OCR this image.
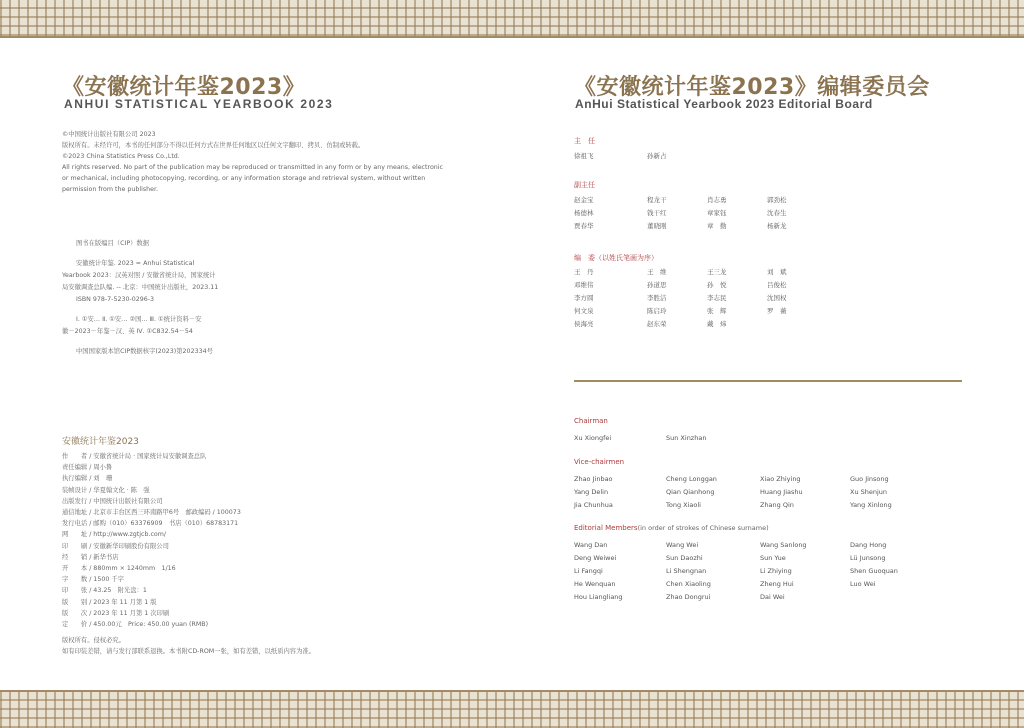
《安徽统计年鉴2023》
ANHUI STATISTICAL YEARBOOK 2023
©中国统计出版社有限公司 2023
版权所有。未经许可，本书的任何部分不得以任何方式在世界任何地区以任何文字翻印、拷贝、仿制或转载。
©2023 China Statistics Press Co.,Ltd.
All rights reserved. No part of the publication may be reproduced or transmitted in any form or by any means, electronic
or mechanical, including photocopying, recording, or any information storage and retrieval system, without written
permission from the publisher.

图书在版编目（CIP）数据

安徽统计年鉴. 2023 = Anhui Statistical

Yearbook 2023：汉英对照 / 安徽省统计局，国家统计

局安徽调查总队编. -- 北京：中国统计出版社，2023.11

ISBN 978-7-5230-0296-3

Ⅰ. ①安… Ⅱ. ①安… ②国… Ⅲ. ①统计资料－安

徽－2023－年鉴－汉、英 Ⅳ. ①C832.54－54

中国国家版本馆CIP数据核字(2023)第202334号

安徽统计年鉴2023
作　　者 / 安徽省统计局 · 国家统计局安徽调查总队
责任编辑 / 周小鲁
执行编辑 / 刘　珊
装帧设计 / 华夏翰文化 · 陈　强
出版发行 / 中国统计出版社有限公司
通信地址 / 北京市丰台区西三环南路甲6号　邮政编码 / 100073
发行电话 / 邮购（010）63376909　书店（010）68783171
网　　址 / http://www.zgtjcb.com/
印　　刷 / 安徽新华印刷股份有限公司
经　　销 / 新华书店
开　　本 / 880mm × 1240mm　1/16
字　　数 / 1500 千字
印　　张 / 43.25　附光盘：1
版　　别 / 2023 年 11 月第 1 版
版　　次 / 2023 年 11 月第 1 次印刷
定　　价 / 450.00元　Price: 450.00 yuan (RMB)
版权所有。侵权必究。
如有印装差错，请与发行部联系退换。本书附CD-ROM一张，如有差错，以纸质内容为准。
《安徽统计年鉴2023》编辑委员会
AnHui Statistical Yearbook 2023 Editorial Board
主　任
徐祖飞	孙新占
副主任
赵金宝	程龙干	肖志勇	郭劲松
杨德林	钱干红	章家钰	沈春生
贾春华	董晓刚	章　勤	杨新龙
编　委（以姓氏笔画为序）
王　丹	王　维	王三龙	刘　斌
邓维伟	孙道思	孙　悦	吕俊松
李方圆	李胜洁	李志民	沈国权
何文泉	陈启玲	张　辉	罗　薇
侯海亮	赵东荣	戴　炜
Chairman
Xu Xiongfei	Sun Xinzhan
Vice-chairmen
Zhao Jinbao	Cheng Longgan	Xiao Zhiying	Guo Jinsong
Yang Delin	Qian Qianhong	Huang Jiashu	Xu Shenjun
Jia Chunhua	Tong Xiaoli	Zhang Qin	Yang Xinlong
Editorial Members(in order of strokes of Chinese surname)
Wang Dan	Wang Wei	Wang Sanlong	Dang Hong
Deng Weiwei	Sun Daozhi	Sun Yue	Lü Junsong
Li Fangqi	Li Shengnan	Li Zhiying	Shen Guoquan
He Wenquan	Chen Xiaoling	Zheng Hui	Luo Wei
Hou Liangliang	Zhao Dongrui	Dai Wei
